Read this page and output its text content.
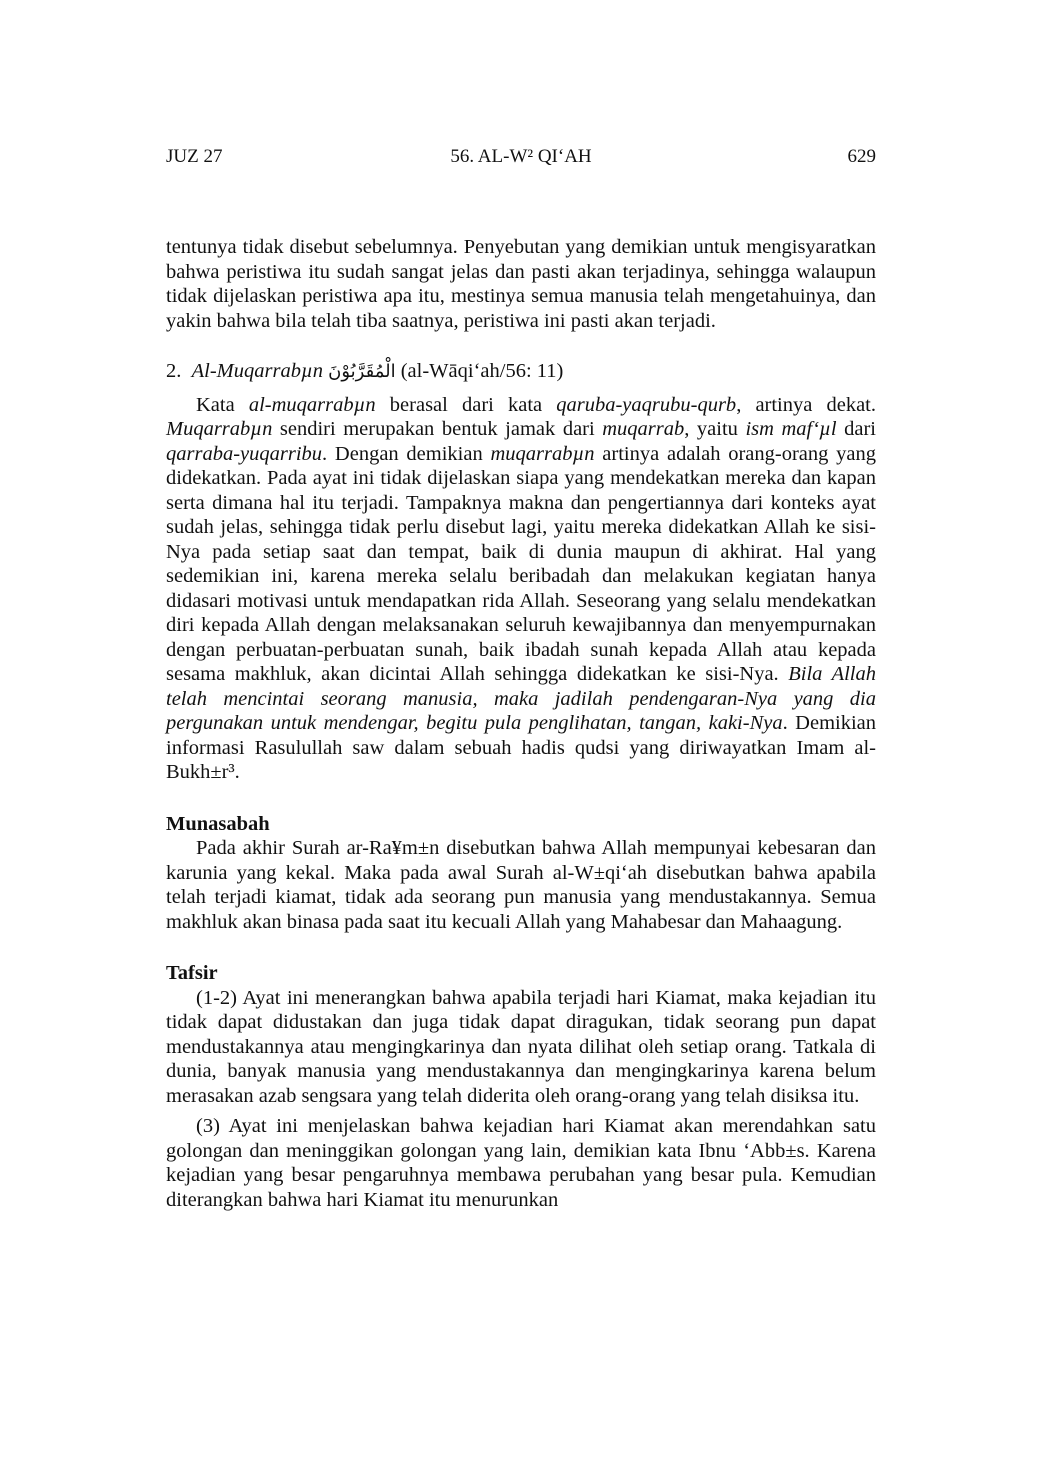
JUZ 27	56. AL-W² QI‘AH	629

tentunya tidak disebut sebelumnya. Penyebutan yang demikian untuk mengisyaratkan bahwa peristiwa itu sudah sangat jelas dan pasti akan terjadinya, sehingga walaupun tidak dijelaskan peristiwa apa itu, mestinya semua manusia telah mengetahuinya, dan yakin bahwa bila telah tiba saatnya, peristiwa ini pasti akan terjadi.

2. Al-Muqarrabµn الْمُقَرَّبُوْنَ (al-Wāqi‘ah/56: 11)

Kata al-muqarrabµn berasal dari kata qaruba-yaqrubu-qurb, artinya dekat. Muqarrabµn sendiri merupakan bentuk jamak dari muqarrab, yaitu ism maf‘µl dari qarraba-yuqarribu. Dengan demikian muqarrabµn artinya adalah orang-orang yang didekatkan. Pada ayat ini tidak dijelaskan siapa yang mendekatkan mereka dan kapan serta dimana hal itu terjadi. Tampaknya makna dan pengertiannya dari konteks ayat sudah jelas, sehingga tidak perlu disebut lagi, yaitu mereka didekatkan Allah ke sisi-Nya pada setiap saat dan tempat, baik di dunia maupun di akhirat. Hal yang sedemikian ini, karena mereka selalu beribadah dan melakukan kegiatan hanya didasari motivasi untuk mendapatkan rida Allah. Seseorang yang selalu mendekatkan diri kepada Allah dengan melaksanakan seluruh kewajibannya dan menyempurnakan dengan perbuatan-perbuatan sunah, baik ibadah sunah kepada Allah atau kepada sesama makhluk, akan dicintai Allah sehingga didekatkan ke sisi-Nya. Bila Allah telah mencintai seorang manusia, maka jadilah pendengaran-Nya yang dia pergunakan untuk mendengar, begitu pula penglihatan, tangan, kaki-Nya. Demikian informasi Rasulullah saw dalam sebuah hadis qudsi yang diriwayatkan Imam al-Bukh±r³.

Munasabah

Pada akhir Surah ar-Ra¥m±n disebutkan bahwa Allah mempunyai kebesaran dan karunia yang kekal. Maka pada awal Surah al-W±qi‘ah disebutkan bahwa apabila telah terjadi kiamat, tidak ada seorang pun manusia yang mendustakannya. Semua makhluk akan binasa pada saat itu kecuali Allah yang Mahabesar dan Mahaagung.

Tafsir

(1-2) Ayat ini menerangkan bahwa apabila terjadi hari Kiamat, maka kejadian itu tidak dapat didustakan dan juga tidak dapat diragukan, tidak seorang pun dapat mendustakannya atau mengingkarinya dan nyata dilihat oleh setiap orang. Tatkala di dunia, banyak manusia yang mendustakannya dan mengingkarinya karena belum merasakan azab sengsara yang telah diderita oleh orang-orang yang telah disiksa itu.

(3) Ayat ini menjelaskan bahwa kejadian hari Kiamat akan merendahkan satu golongan dan meninggikan golongan yang lain, demikian kata Ibnu ‘Abb±s. Karena kejadian yang besar pengaruhnya membawa perubahan yang besar pula. Kemudian diterangkan bahwa hari Kiamat itu menurunkan
